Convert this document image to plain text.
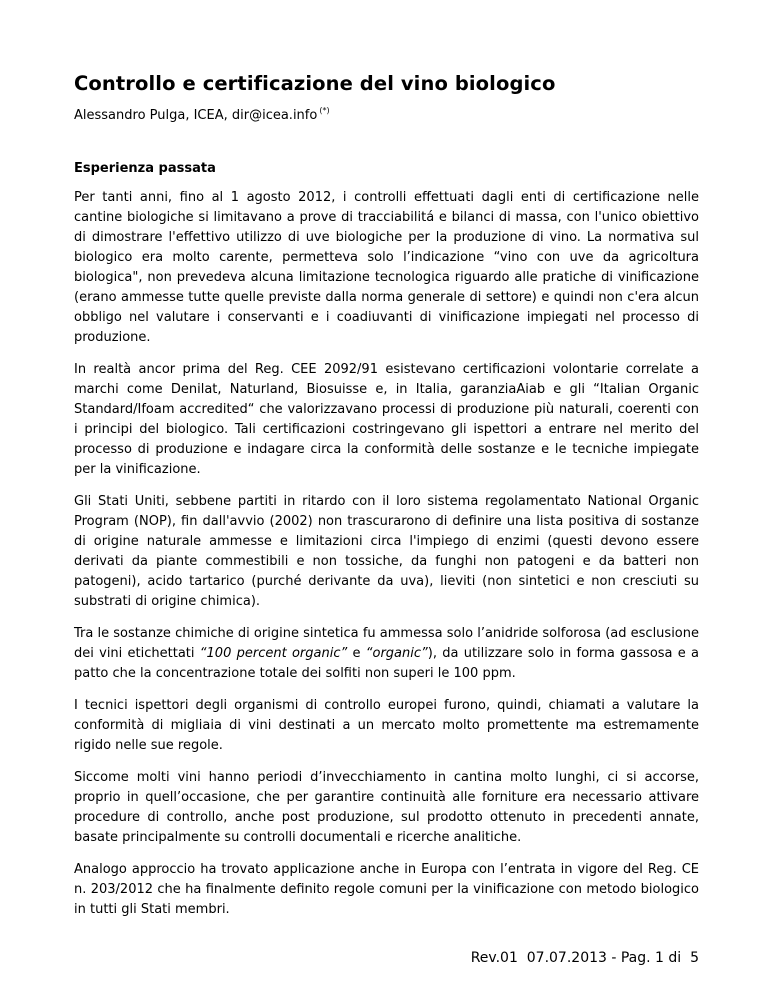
Controllo e certificazione del vino biologico

Alessandro Pulga, ICEA, dir@icea.info (*)

Esperienza passata

Per tanti anni, fino al 1 agosto 2012, i controlli effettuati dagli enti di certificazione nelle cantine biologiche si limitavano a prove di tracciabilitá e bilanci di massa, con l'unico obiettivo di dimostrare l'effettivo utilizzo di uve biologiche per la produzione di vino. La normativa sul biologico era molto carente, permetteva solo l’indicazione “vino con uve da agricoltura biologica", non prevedeva alcuna limitazione tecnologica riguardo alle pratiche di vinificazione (erano ammesse tutte quelle previste dalla norma generale di settore) e quindi non c'era alcun obbligo nel valutare i conservanti e i coadiuvanti di vinificazione impiegati nel processo di produzione.

In realtà ancor prima del Reg. CEE 2092/91 esistevano certificazioni volontarie correlate a marchi come Denilat, Naturland, Biosuisse e, in Italia, garanziaAiab e gli “Italian Organic Standard/Ifoam accredited“ che valorizzavano processi di produzione più naturali, coerenti con i principi del biologico. Tali certificazioni costringevano gli ispettori a entrare nel merito del processo di produzione e indagare circa la conformità delle sostanze e le tecniche impiegate per la vinificazione.

Gli Stati Uniti, sebbene partiti in ritardo con il loro sistema regolamentato National Organic Program (NOP), fin dall'avvio (2002) non trascurarono di definire una lista positiva di sostanze di origine naturale ammesse e limitazioni circa l'impiego di enzimi (questi devono essere derivati da piante commestibili e non tossiche, da funghi non patogeni e da batteri non patogeni), acido tartarico (purché derivante da uva), lieviti (non sintetici e non cresciuti su substrati di origine chimica).

Tra le sostanze chimiche di origine sintetica fu ammessa solo l’anidride solforosa (ad esclusione dei vini etichettati “100 percent organic” e “organic”), da utilizzare solo in forma gassosa e a patto che la concentrazione totale dei solfiti non superi le 100 ppm.

I tecnici ispettori degli organismi di controllo europei furono, quindi, chiamati a valutare la conformità di migliaia di vini destinati a un mercato molto promettente ma estremamente rigido nelle sue regole.

Siccome molti vini hanno periodi d’invecchiamento in cantina molto lunghi, ci si accorse, proprio in quell’occasione, che per garantire continuità alle forniture era necessario attivare procedure di controllo, anche post produzione, sul prodotto ottenuto in precedenti annate, basate principalmente su controlli documentali e ricerche analitiche.

Analogo approccio ha trovato applicazione anche in Europa con l’entrata in vigore del Reg. CE n. 203/2012 che ha finalmente definito regole comuni per la vinificazione con metodo biologico in tutti gli Stati membri.

Rev.01  07.07.2013 - Pag. 1 di  5
